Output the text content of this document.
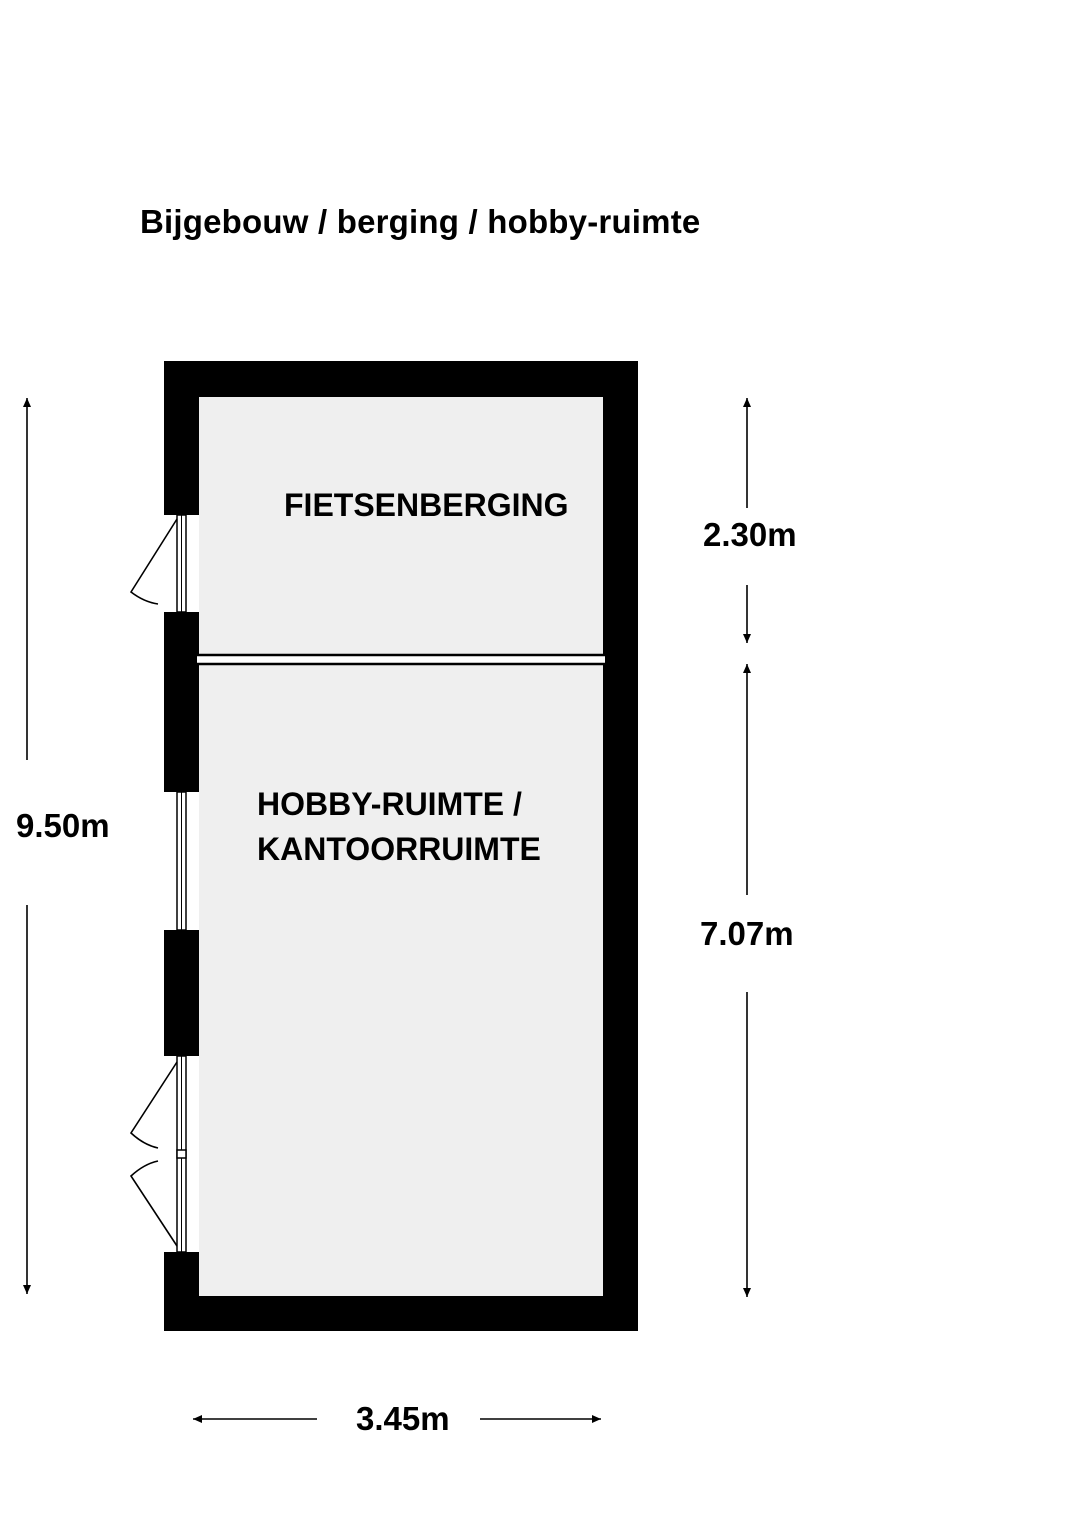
Bijgebouw / berging / hobby-ruimte
FIETSENBERGING
HOBBY-RUIMTE /
KANTOORRUIMTE
9.50m
2.30m
7.07m
3.45m
